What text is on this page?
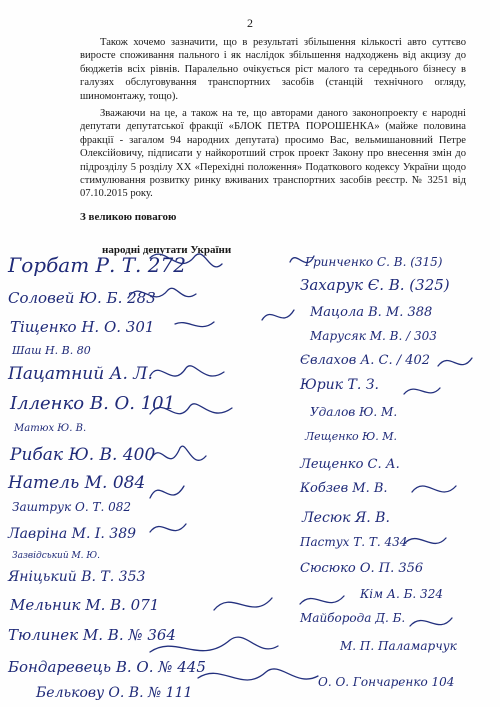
2

Також хочемо зазначити, що в результаті збільшення кількості авто суттєво виросте споживання пального і як наслідок збільшення надходжень від акцизу до бюджетів всіх рівнів. Паралельно очікується ріст малого та середнього бізнесу в галузях обслуговування транспортних засобів (станцій технічного огляду, шиномонтажу, тощо).

Зважаючи на це, а також на те, що авторами даного законопроекту є народні депутати депутатської фракції «БЛОК ПЕТРА ПОРОШЕНКА» (майже половина фракції - загалом 94 народних депутата) просимо Вас, вельмишановний Петре Олексійовичу, підписати у найкоротший строк проект Закону про внесення змін до підрозділу 5 розділу XX «Перехідні положення» Податкового кодексу України щодо стимулювання розвитку ринку вживаних транспортних засобів реєстр. № 3251 від 07.10.2015 року.

З великою повагою
народні депутати України
Горбат Р. Т. 272
Соловей Ю. Б. 283
Тіщенко Н. О. 301
Шаш Н. В. 80
Пацатний А. Л.
Ілленко В. О. 101
Матюх Ю. В.
Рибак Ю. В. 400
Натель М. 084
Заштрук О. Т. 082
Лавріна М. І. 389
Зазвідський М. Ю.
Яніцький В. Т. 353
Мельник М. В. 071
Тюлинек М. В. № 364
Бондаревець В. О. № 445
Бельковy О. В. № 111
Гринченко С. В. (315)
Захарук Є. В. (325)
Мацола В. М. 388
Марусяк М. В. / 303
Євлахов А. С. / 402
Юрик Т. З.
Удалов Ю. М.
Лещенко Ю. М.
Лещенко С. А.
Кобзев М. В.
Лесюк Я. В.
Пастух Т. Т. 434
Сюсюко О. П. 356
Кім А. Б. 324
Майборода Д. Б.
М. П. Паламарчук
О. О. Гончаренко 104
